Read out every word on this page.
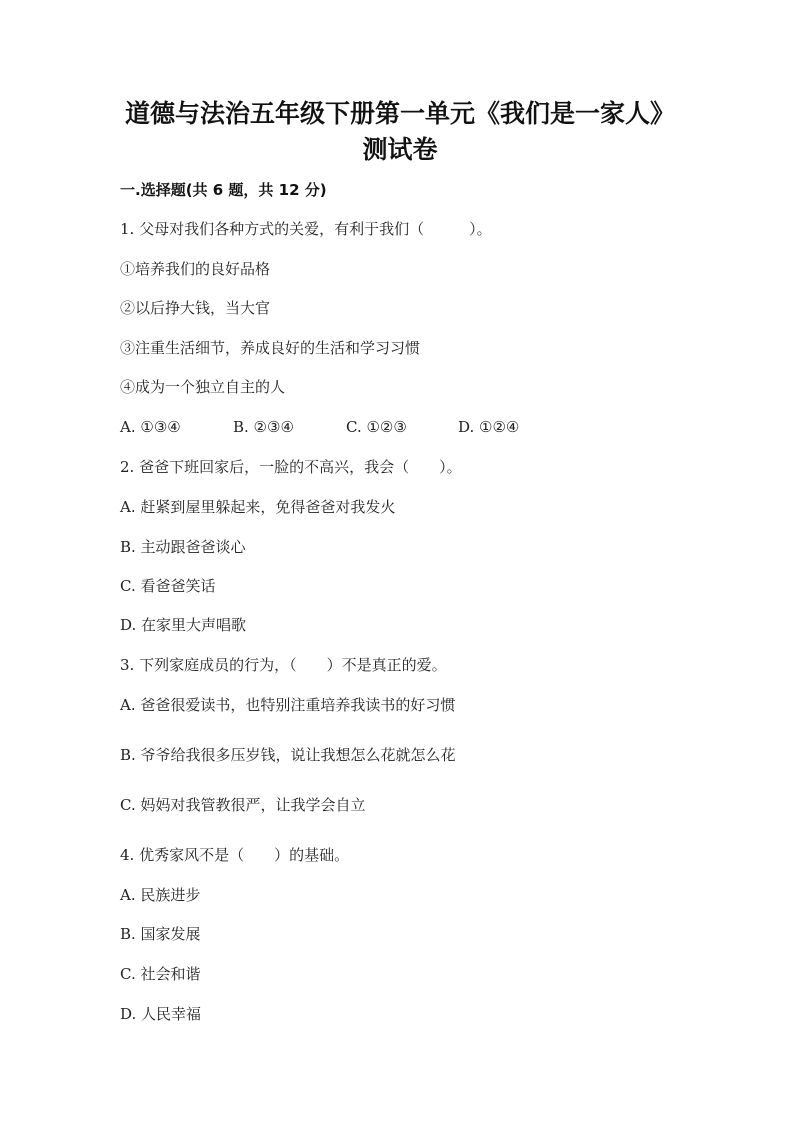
道德与法治五年级下册第一单元《我们是一家人》
测试卷
一.选择题(共 6 题，共 12 分)

1. 父母对我们各种方式的关爱，有利于我们（　　　）。

①培养我们的良好品格

②以后挣大钱，当大官

③注重生活细节，养成良好的生活和学习习惯

④成为一个独立自主的人

A. ①③④	B. ②③④	C. ①②③	D. ①②④

2. 爸爸下班回家后，一脸的不高兴，我会（　　）。

A. 赶紧到屋里躲起来，免得爸爸对我发火

B. 主动跟爸爸谈心

C. 看爸爸笑话

D. 在家里大声唱歌

3. 下列家庭成员的行为，（　　）不是真正的爱。

A. 爸爸很爱读书，也特别注重培养我读书的好习惯

B. 爷爷给我很多压岁钱，说让我想怎么花就怎么花

C. 妈妈对我管教很严，让我学会自立

4. 优秀家风不是（　　）的基础。

A. 民族进步

B. 国家发展

C. 社会和谐

D. 人民幸福
